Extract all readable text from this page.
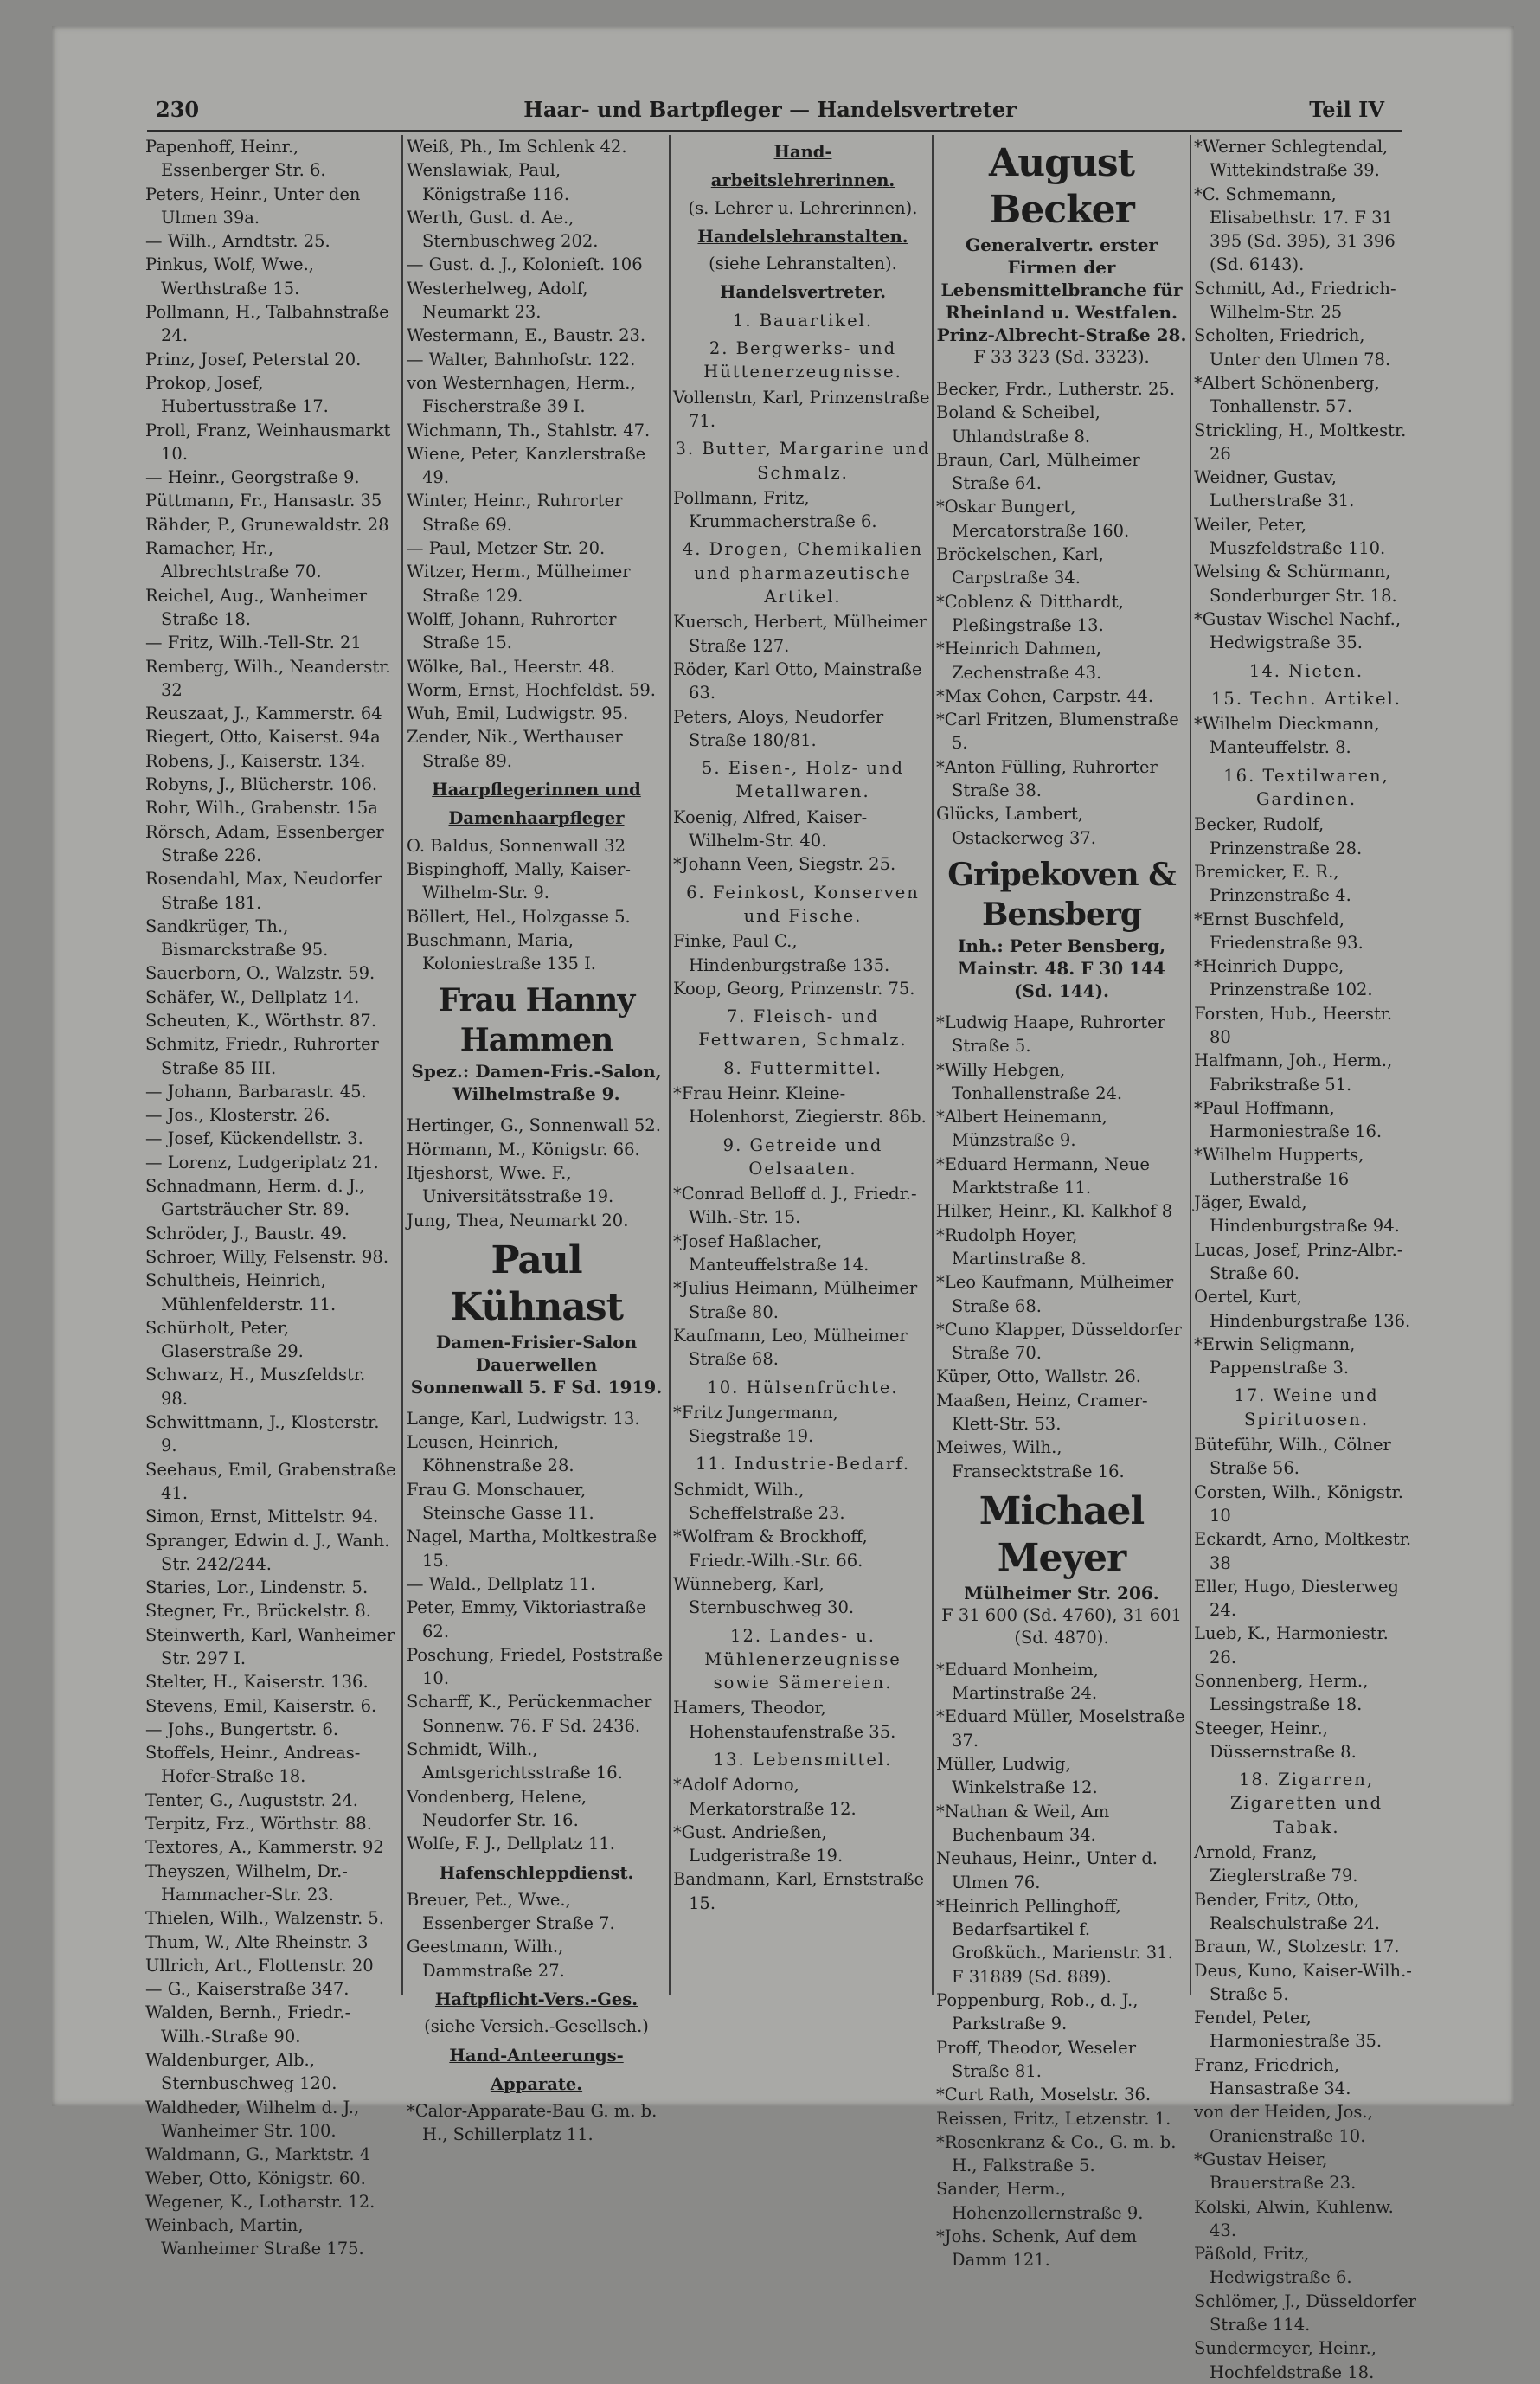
230	Haar- und Bartpfleger — Handelsvertreter	Teil IV
Papenhoff, Heinr., Essenberger Str. 6.
Peters, Heinr., Unter den Ulmen 39a.
— Wilh., Arndtstr. 25.
Pinkus, Wolf, Wwe., Werthstraße 15.
Pollmann, H., Talbahnstraße 24.
Prinz, Josef, Peterstal 20.
Prokop, Josef, Hubertusstraße 17.
Proll, Franz, Weinhausmarkt 10.
— Heinr., Georgstraße 9.
Püttmann, Fr., Hansastr. 35
Rähder, P., Grunewaldstr. 28
Ramacher, Hr., Albrechtstraße 70.
Reichel, Aug., Wanheimer Straße 18.
— Fritz, Wilh.-Tell-Str. 21
Remberg, Wilh., Neanderstr. 32
Reuszaat, J., Kammerstr. 64
Riegert, Otto, Kaiserst. 94a
Robens, J., Kaiserstr. 134.
Robyns, J., Blücherstr. 106.
Rohr, Wilh., Grabenstr. 15a
Rörsch, Adam, Essenberger Straße 226.
Rosendahl, Max, Neudorfer Straße 181.
Sandkrüger, Th., Bismarckstraße 95.
Sauerborn, O., Walzstr. 59.
Schäfer, W., Dellplatz 14.
Scheuten, K., Wörthstr. 87.
Schmitz, Friedr., Ruhrorter Straße 85 III.
— Johann, Barbarastr. 45.
— Jos., Klosterstr. 26.
— Josef, Kückendellstr. 3.
— Lorenz, Ludgeriplatz 21.
Schnadmann, Herm. d. J., Gartsträucher Str. 89.
Schröder, J., Baustr. 49.
Schroer, Willy, Felsenstr. 98.
Schultheis, Heinrich, Mühlenfelderstr. 11.
Schürholt, Peter, Glaserstraße 29.
Schwarz, H., Muszfeldstr. 98.
Schwittmann, J., Klosterstr. 9.
Seehaus, Emil, Grabenstraße 41.
Simon, Ernst, Mittelstr. 94.
Spranger, Edwin d. J., Wanh. Str. 242/244.
Staries, Lor., Lindenstr. 5.
Stegner, Fr., Brückelstr. 8.
Steinwerth, Karl, Wanheimer Str. 297 I.
Stelter, H., Kaiserstr. 136.
Stevens, Emil, Kaiserstr. 6.
— Johs., Bungertstr. 6.
Stoffels, Heinr., Andreas-Hofer-Straße 18.
Tenter, G., Auguststr. 24.
Terpitz, Frz., Wörthstr. 88.
Textores, A., Kammerstr. 92
Theyszen, Wilhelm, Dr.-Hammacher-Str. 23.
Thielen, Wilh., Walzenstr. 5.
Thum, W., Alte Rheinstr. 3
Ullrich, Art., Flottenstr. 20
— G., Kaiserstraße 347.
Walden, Bernh., Friedr.-Wilh.-Straße 90.
Waldenburger, Alb., Sternbuschweg 120.
Waldheder, Wilhelm d. J., Wanheimer Str. 100.
Waldmann, G., Marktstr. 4
Weber, Otto, Königstr. 60.
Wegener, K., Lotharstr. 12.
Weinbach, Martin, Wanheimer Straße 175.
Weiß, Ph., Im Schlenk 42.
Wenslawiak, Paul, Königstraße 116.
Werth, Gust. d. Ae., Sternbuschweg 202.
— Gust. d. J., Kolonieſt. 106
Westerhelweg, Adolf, Neumarkt 23.
Westermann, E., Baustr. 23.
— Walter, Bahnhofstr. 122.
von Westernhagen, Herm., Fischerstraße 39 I.
Wichmann, Th., Stahlstr. 47.
Wiene, Peter, Kanzlerstraße 49.
Winter, Heinr., Ruhrorter Straße 69.
— Paul, Metzer Str. 20.
Witzer, Herm., Mülheimer Straße 129.
Wolff, Johann, Ruhrorter Straße 15.
Wölke, Bal., Heerstr. 48.
Worm, Ernst, Hochfeldst. 59.
Wuh, Emil, Ludwigstr. 95.
Zender, Nik., Werthauser Straße 89.
Haarpflegerinnen und
Damenhaarpfleger
O. Baldus, Sonnenwall 32
Bispinghoff, Mally, Kaiser-Wilhelm-Str. 9.
Böllert, Hel., Holzgasse 5.
Buschmann, Maria, Koloniestraße 135 I.
Frau Hanny Hammen
Spez.: Damen-Fris.-Salon,
Wilhelmstraße 9.
Hertinger, G., Sonnenwall 52.
Hörmann, M., Königstr. 66.
Itjeshorst, Wwe. F., Universitätsstraße 19.
Jung, Thea, Neumarkt 20.
Paul Kühnast
Damen-Frisier-Salon
Dauerwellen
Sonnenwall 5. F Sd. 1919.
Lange, Karl, Ludwigstr. 13.
Leusen, Heinrich, Köhnenstraße 28.
Frau G. Monschauer, Steinsche Gasse 11.
Nagel, Martha, Moltkestraße 15.
— Wald., Dellplatz 11.
Peter, Emmy, Viktoriastraße 62.
Poschung, Friedel, Poststraße 10.
Scharff, K., Perückenmacher Sonnenw. 76. F Sd. 2436.
Schmidt, Wilh., Amtsgerichtsstraße 16.
Vondenberg, Helene, Neudorfer Str. 16.
Wolfe, F. J., Dellplatz 11.
Hafenschleppdienst.
Breuer, Pet., Wwe., Essenberger Straße 7.
Geestmann, Wilh., Dammstraße 27.
Haftpflicht-Vers.-Ges.
(siehe Versich.-Gesellsch.)
Hand-Anteerungs-
Apparate.
*Calor-Apparate-Bau G. m. b. H., Schillerplatz 11.
Hand-
arbeitslehrerinnen.
(s. Lehrer u. Lehrerinnen).
Handelslehranstalten.
(siehe Lehranstalten).
Handelsvertreter.
1. Bauartikel.
2. Bergwerks- und Hüttenerzeugnisse.
Vollenstn, Karl, Prinzenstraße 71.
3. Butter, Margarine und Schmalz.
Pollmann, Fritz, Krummacherstraße 6.
4. Drogen, Chemikalien und pharmazeutische Artikel.
Kuersch, Herbert, Mülheimer Straße 127.
Röder, Karl Otto, Mainstraße 63.
Peters, Aloys, Neudorfer Straße 180/81.
5. Eisen-, Holz- und Metallwaren.
Koenig, Alfred, Kaiser-Wilhelm-Str. 40.
*Johann Veen, Siegstr. 25.
6. Feinkost, Konserven und Fische.
Finke, Paul C., Hindenburgstraße 135.
Koop, Georg, Prinzenstr. 75.
7. Fleisch- und Fettwaren, Schmalz.
8. Futtermittel.
*Frau Heinr. Kleine-Holenhorst, Ziegierstr. 86b.
9. Getreide und Oelsaaten.
*Conrad Belloff d. J., Friedr.-Wilh.-Str. 15.
*Josef Haßlacher, Manteuffelstraße 14.
*Julius Heimann, Mülheimer Straße 80.
Kaufmann, Leo, Mülheimer Straße 68.
10. Hülsenfrüchte.
*Fritz Jungermann, Siegstraße 19.
11. Industrie-Bedarf.
Schmidt, Wilh., Scheffelstraße 23.
*Wolfram & Brockhoff, Friedr.-Wilh.-Str. 66.
Wünneberg, Karl, Sternbuschweg 30.
12. Landes- u. Mühlenerzeugnisse sowie Sämereien.
Hamers, Theodor, Hohenstaufenstraße 35.
13. Lebensmittel.
*Adolf Adorno, Merkatorstraße 12.
*Gust. Andrießen, Ludgeristraße 19.
Bandmann, Karl, Ernststraße 15.
August Becker
Generalvertr. erster Firmen der Lebensmittelbranche für Rheinland u. Westfalen.
Prinz-Albrecht-Straße 28.
F 33 323 (Sd. 3323).
Becker, Frdr., Lutherstr. 25.
Boland & Scheibel, Uhlandstraße 8.
Braun, Carl, Mülheimer Straße 64.
*Oskar Bungert, Mercatorstraße 160.
Bröckelschen, Karl, Carpstraße 34.
*Coblenz & Ditthardt, Pleßingstraße 13.
*Heinrich Dahmen, Zechenstraße 43.
*Max Cohen, Carpstr. 44.
*Carl Fritzen, Blumenstraße 5.
*Anton Fülling, Ruhrorter Straße 38.
Glücks, Lambert, Ostackerweg 37.
Gripekoven & Bensberg
Inh.: Peter Bensberg,
Mainstr. 48. F 30 144
(Sd. 144).
*Ludwig Haape, Ruhrorter Straße 5.
*Willy Hebgen, Tonhallenstraße 24.
*Albert Heinemann, Münzstraße 9.
*Eduard Hermann, Neue Marktstraße 11.
Hilker, Heinr., Kl. Kalkhof 8
*Rudolph Hoyer, Martinstraße 8.
*Leo Kaufmann, Mülheimer Straße 68.
*Cuno Klapper, Düsseldorfer Straße 70.
Küper, Otto, Wallstr. 26.
Maaßen, Heinz, Cramer-Klett-Str. 53.
Meiwes, Wilh., Fransecktstraße 16.
Michael Meyer
Mülheimer Str. 206.
F 31 600 (Sd. 4760), 31 601 (Sd. 4870).
*Eduard Monheim, Martinstraße 24.
*Eduard Müller, Moselstraße 37.
Müller, Ludwig, Winkelstraße 12.
*Nathan & Weil, Am Buchenbaum 34.
Neuhaus, Heinr., Unter d. Ulmen 76.
*Heinrich Pellinghoff, Bedarfsartikel f. Großküch., Marienstr. 31. F 31889 (Sd. 889).
Poppenburg, Rob., d. J., Parkstraße 9.
Proff, Theodor, Weseler Straße 81.
*Curt Rath, Moselstr. 36.
Reissen, Fritz, Letzenstr. 1.
*Rosenkranz & Co., G. m. b. H., Falkstraße 5.
Sander, Herm., Hohenzollernstraße 9.
*Johs. Schenk, Auf dem Damm 121.
*Werner Schlegtendal, Wittekindstraße 39.
*C. Schmemann, Elisabethstr. 17. F 31 395 (Sd. 395), 31 396 (Sd. 6143).
Schmitt, Ad., Friedrich-Wilhelm-Str. 25
Scholten, Friedrich, Unter den Ulmen 78.
*Albert Schönenberg, Tonhallenstr. 57.
Strickling, H., Moltkestr. 26
Weidner, Gustav, Lutherstraße 31.
Weiler, Peter, Muszfeldstraße 110.
Welsing & Schürmann, Sonderburger Str. 18.
*Gustav Wischel Nachf., Hedwigstraße 35.
14. Nieten.
15. Techn. Artikel.
*Wilhelm Dieckmann, Manteuffelstr. 8.
16. Textilwaren, Gardinen.
Becker, Rudolf, Prinzenstraße 28.
Bremicker, E. R., Prinzenstraße 4.
*Ernst Buschfeld, Friedenstraße 93.
*Heinrich Duppe, Prinzenstraße 102.
Forsten, Hub., Heerstr. 80
Halfmann, Joh., Herm., Fabrikstraße 51.
*Paul Hoffmann, Harmoniestraße 16.
*Wilhelm Hupperts, Lutherstraße 16
Jäger, Ewald, Hindenburgstraße 94.
Lucas, Josef, Prinz-Albr.-Straße 60.
Oertel, Kurt, Hindenburgstraße 136.
*Erwin Seligmann, Pappenstraße 3.
17. Weine und Spirituosen.
Büteführ, Wilh., Cölner Straße 56.
Corsten, Wilh., Königstr. 10
Eckardt, Arno, Moltkestr. 38
Eller, Hugo, Diesterweg 24.
Lueb, K., Harmoniestr. 26.
Sonnenberg, Herm., Lessingstraße 18.
Steeger, Heinr., Düssernstraße 8.
18. Zigarren, Zigaretten und Tabak.
Arnold, Franz, Zieglerstraße 79.
Bender, Fritz, Otto, Realschulstraße 24.
Braun, W., Stolzestr. 17.
Deus, Kuno, Kaiser-Wilh.-Straße 5.
Fendel, Peter, Harmoniestraße 35.
Franz, Friedrich, Hansastraße 34.
von der Heiden, Jos., Oranienstraße 10.
*Gustav Heiser, Brauerstraße 23.
Kolski, Alwin, Kuhlenw. 43.
Päßold, Fritz, Hedwigstraße 6.
Schlömer, J., Düsseldorfer Straße 114.
Sundermeyer, Heinr., Hochfeldstraße 18.
